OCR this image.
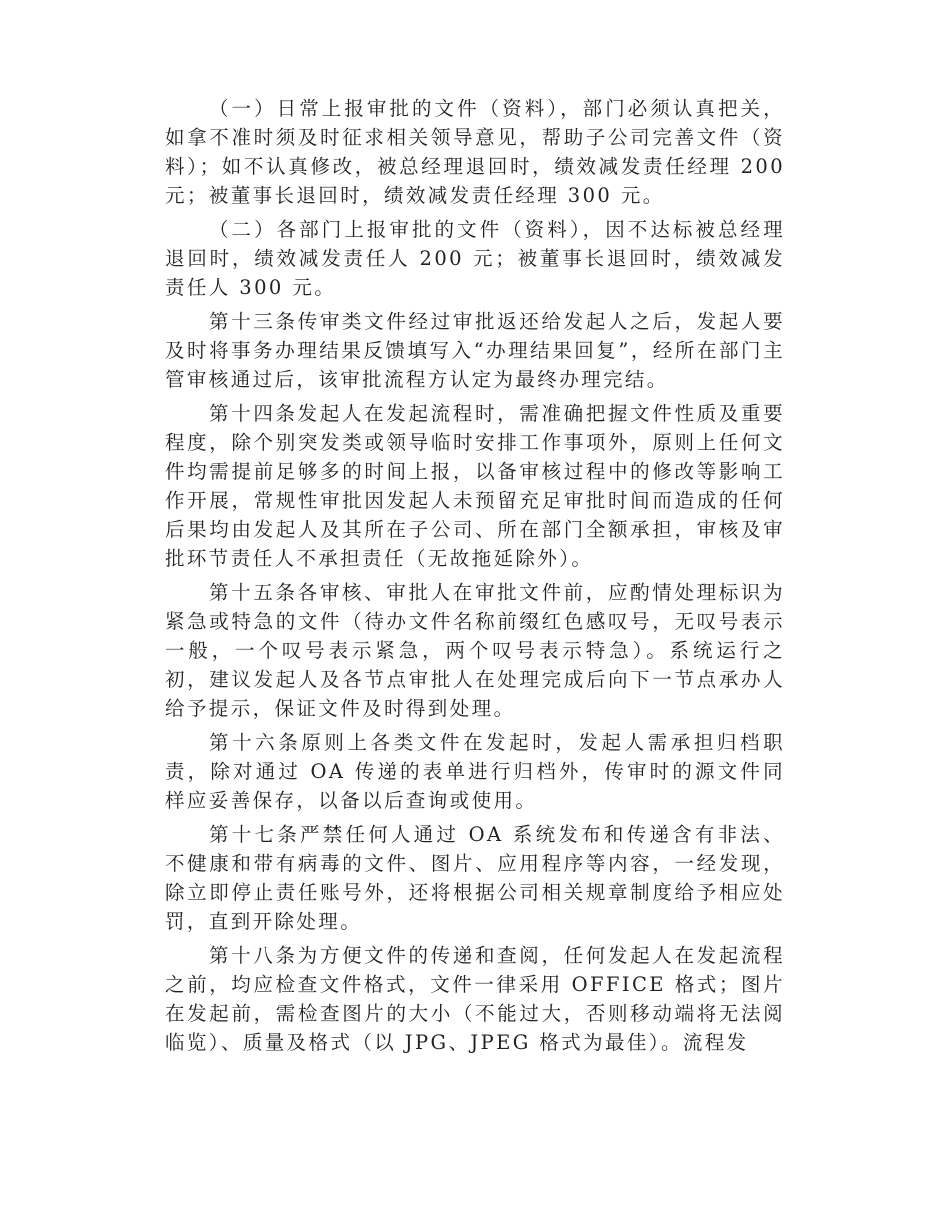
（一）日常上报审批的文件（资料），部门必须认真把关，如拿不准时须及时征求相关领导意见，帮助子公司完善文件（资料）；如不认真修改，被总经理退回时，绩效减发责任经理 200 元；被董事长退回时，绩效减发责任经理 300 元。

（二）各部门上报审批的文件（资料），因不达标被总经理退回时，绩效减发责任人 200 元；被董事长退回时，绩效减发责任人 300 元。

第十三条传审类文件经过审批返还给发起人之后，发起人要及时将事务办理结果反馈填写入“办理结果回复”，经所在部门主管审核通过后，该审批流程方认定为最终办理完结。

第十四条发起人在发起流程时，需准确把握文件性质及重要程度，除个别突发类或领导临时安排工作事项外，原则上任何文件均需提前足够多的时间上报，以备审核过程中的修改等影响工作开展，常规性审批因发起人未预留充足审批时间而造成的任何后果均由发起人及其所在子公司、所在部门全额承担，审核及审批环节责任人不承担责任（无故拖延除外）。

第十五条各审核、审批人在审批文件前，应酌情处理标识为紧急或特急的文件（待办文件名称前缀红色感叹号，无叹号表示一般，一个叹号表示紧急，两个叹号表示特急）。系统运行之初，建议发起人及各节点审批人在处理完成后向下一节点承办人给予提示，保证文件及时得到处理。

第十六条原则上各类文件在发起时，发起人需承担归档职责，除对通过 OA 传递的表单进行归档外，传审时的源文件同样应妥善保存，以备以后查询或使用。

第十七条严禁任何人通过 OA 系统发布和传递含有非法、不健康和带有病毒的文件、图片、应用程序等内容，一经发现，除立即停止责任账号外，还将根据公司相关规章制度给予相应处罚，直到开除处理。

第十八条为方便文件的传递和查阅，任何发起人在发起流程之前，均应检查文件格式，文件一律采用 OFFICE 格式；图片在发起前，需检查图片的大小（不能过大，否则移动端将无法阅临览）、质量及格式（以 JPG、JPEG 格式为最佳）。流程发
